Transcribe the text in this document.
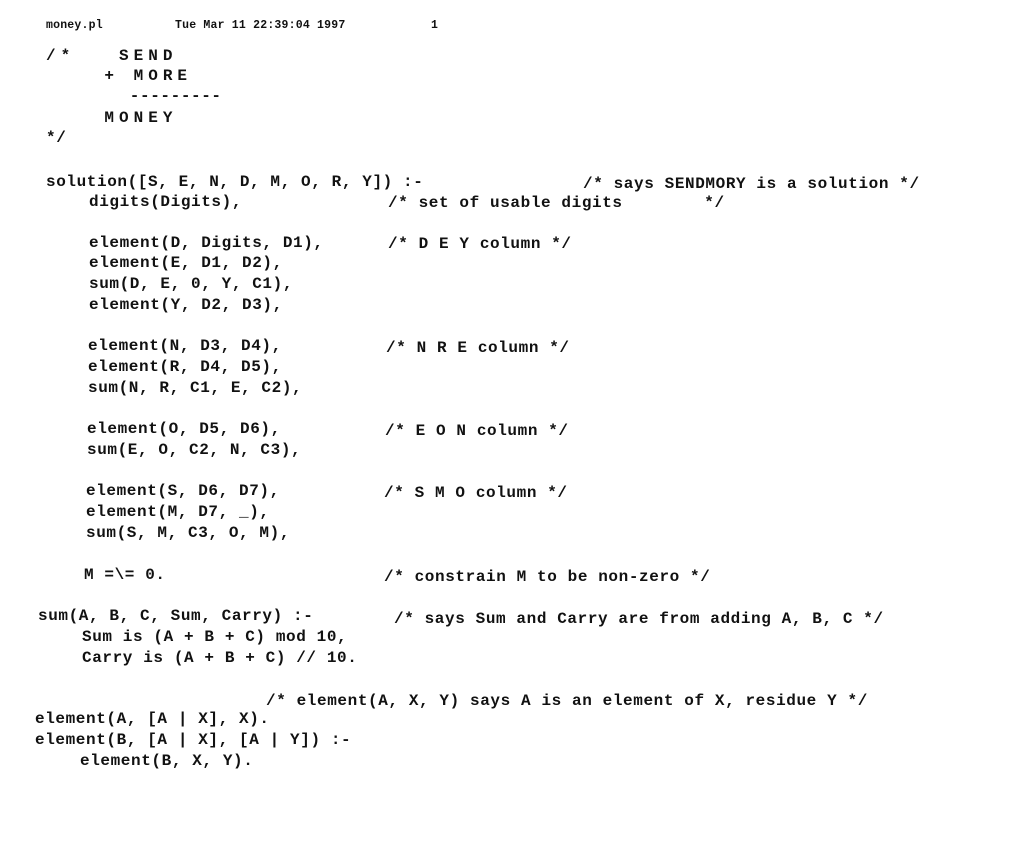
money.pl	Tue Mar 11 22:39:04 1997	1
/*   SEND
+ MORE
---------
MONEY
*/
solution([S, E, N, D, M, O, R, Y]) :-	/* says SENDMORY is a solution */
digits(Digits),	/* set of usable digits        */
element(D, Digits, D1),	/* D E Y column */
element(E, D1, D2),
sum(D, E, 0, Y, C1),
element(Y, D2, D3),
element(N, D3, D4),	/* N R E column */
element(R, D4, D5),
sum(N, R, C1, E, C2),
element(O, D5, D6),	/* E O N column */
sum(E, O, C2, N, C3),
element(S, D6, D7),	/* S M O column */
element(M, D7, _),
sum(S, M, C3, O, M),
M =\= 0.	/* constrain M to be non-zero */
sum(A, B, C, Sum, Carry) :-	/* says Sum and Carry are from adding A, B, C */
Sum is (A + B + C) mod 10,
Carry is (A + B + C) // 10.
/* element(A, X, Y) says A is an element of X, residue Y */
element(A, [A | X], X).
element(B, [A | X], [A | Y]) :-
element(B, X, Y).
